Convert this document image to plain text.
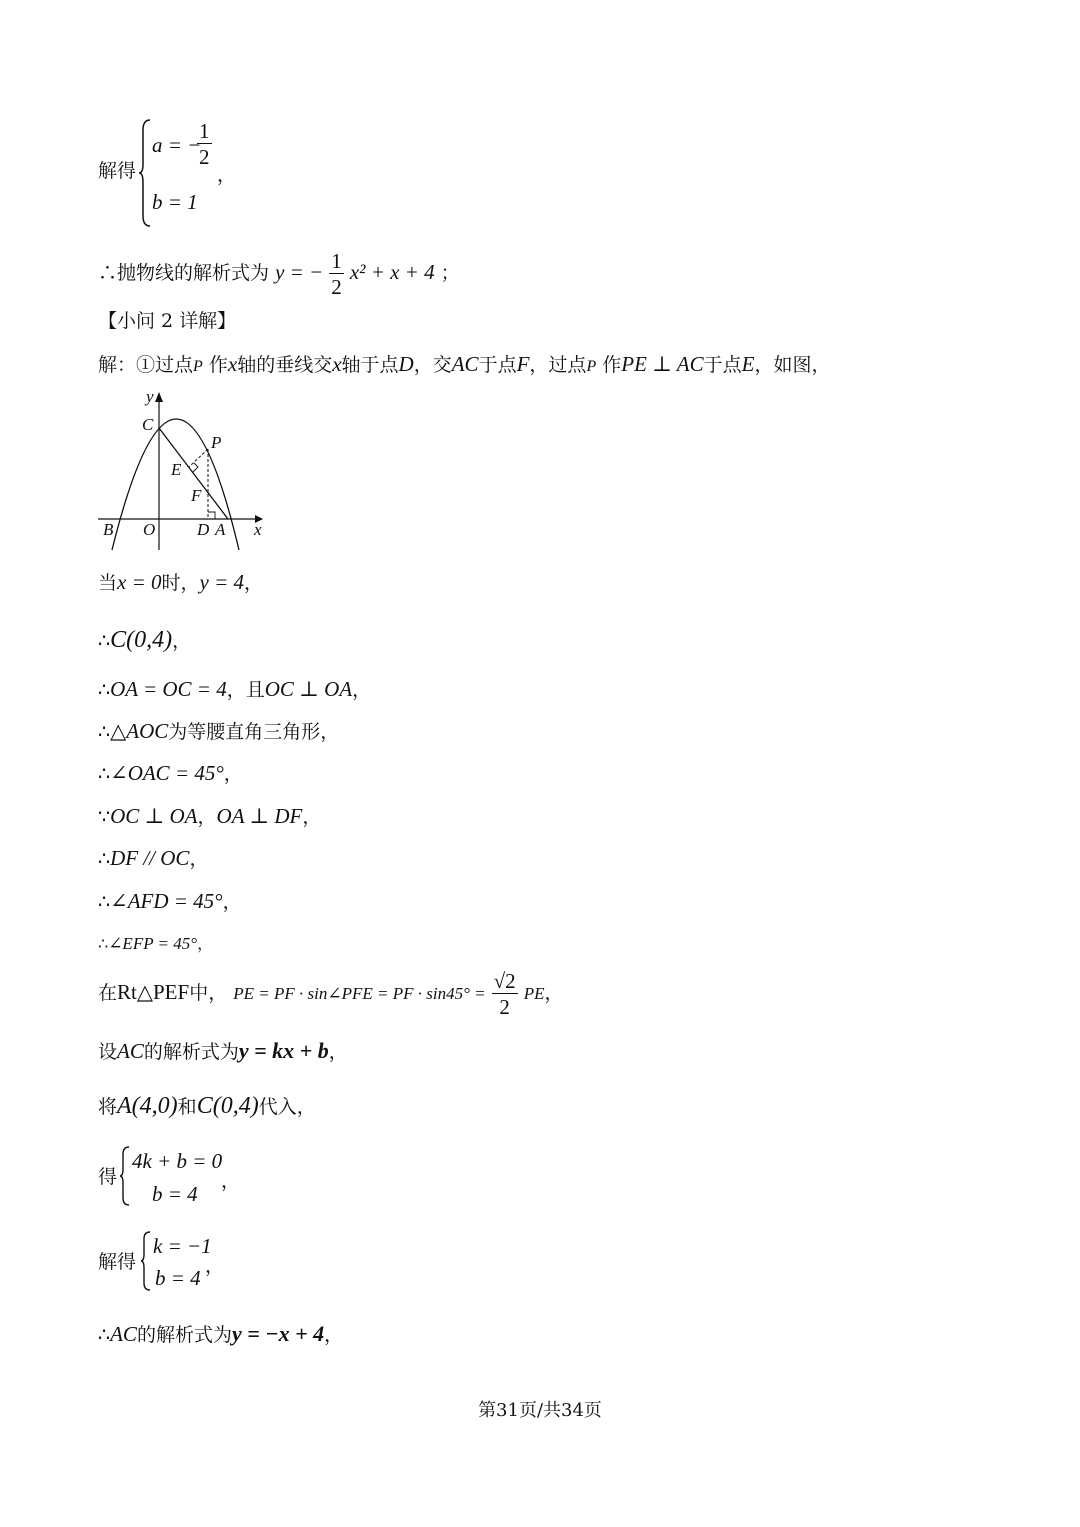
解得
a = −
$\frac{1}{2}$
，
b = 1
∴抛物线的解析式为 y = − $\frac{1}{2} x^2 + x + 4$ ；
【小问 2 详解】
解：①过点P 作x轴的垂线交x轴于点D，交AC于点F，过点P 作PE ⊥ AC于点E，如图，
y
C
P
E
F
B O D A x
当x = 0时，y = 4，
∴C(0,4)，
∴OA = OC = 4，且OC ⊥ OA，
∴△AOC为等腰直角三角形，
∴∠OAC = 45°，
∵OC ⊥ OA，OA ⊥ DF，
∴DF // OC，
∴∠AFD = 45°，
∴∠EFP = 45°，
在Rt△PEF中， PE = PF · sin∠PFE = PF · $\sin 45^\circ = \frac{√2}{2}$ PE，
设AC的解析式为y = kx + b，
将A(4,0)和C(0,4)代入，
得
4k + b = 0
b = 4
，
解得
k = −1
b = 4 ，
∴AC的解析式为y = −x + 4，
第31页/共34页
